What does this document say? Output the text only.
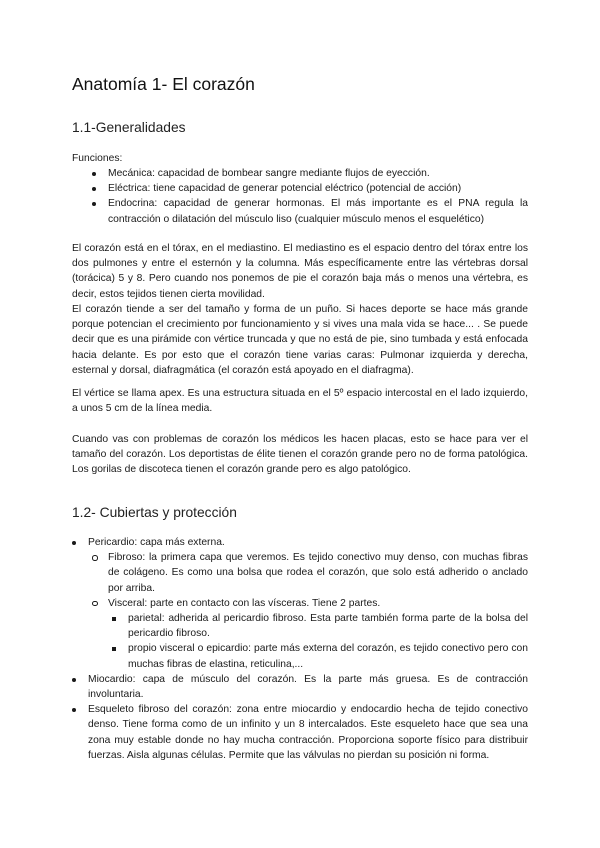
Anatomía 1- El corazón
1.1-Generalidades

Funciones:

Mecánica: capacidad de bombear sangre mediante flujos de eyección.
Eléctrica: tiene capacidad de generar potencial eléctrico (potencial de acción)
Endocrina: capacidad de generar hormonas. El más importante es el PNA regula la contracción o dilatación del músculo liso (cualquier músculo menos el esquelético)

El corazón está en el tórax, en el mediastino. El mediastino es el espacio dentro del tórax entre los dos pulmones y entre el esternón y la columna. Más específicamente entre las vértebras dorsal (torácica) 5 y 8. Pero cuando nos ponemos de pie el corazón baja más o menos una vértebra, es decir, estos tejidos tienen cierta movilidad.

El corazón tiende a ser del tamaño y forma de un puño. Si haces deporte se hace más grande porque potencian el crecimiento por funcionamiento y si vives una mala vida se hace... . Se puede decir que es una pirámide con vértice truncada y que no está de pie, sino tumbada y está enfocada hacia delante. Es por esto que el corazón tiene varias caras: Pulmonar izquierda y derecha, esternal y dorsal, diafragmática (el corazón está apoyado en el diafragma).

El vértice se llama apex. Es una estructura situada en el 5º espacio intercostal en el lado izquierdo, a unos 5 cm de la línea media.

Cuando vas con problemas de corazón los médicos les hacen placas, esto se hace para ver el tamaño del corazón. Los deportistas de élite tienen el corazón grande pero no de forma patológica. Los gorilas de discoteca tienen el corazón grande pero es algo patológico.

1.2- Cubiertas y protección
Pericardio: capa más externa.
Fibroso: la primera capa que veremos. Es tejido conectivo muy denso, con muchas fibras de colágeno. Es como una bolsa que rodea el corazón, que solo está adherido o anclado por arriba.
Visceral: parte en contacto con las vísceras. Tiene 2 partes.
parietal: adherida al pericardio fibroso. Esta parte también forma parte de la bolsa del pericardio fibroso.
propio visceral o epicardio: parte más externa del corazón, es tejido conectivo pero con muchas fibras de elastina, reticulina,...
Miocardio: capa de músculo del corazón. Es la parte más gruesa. Es de contracción involuntaria.
Esqueleto fibroso del corazón: zona entre miocardio y endocardio hecha de tejido conectivo denso. Tiene forma como de un infinito y un 8 intercalados. Este esqueleto hace que sea una zona muy estable donde no hay mucha contracción. Proporciona soporte físico para distribuir fuerzas. Aisla algunas células. Permite que las válvulas no pierdan su posición ni forma.
